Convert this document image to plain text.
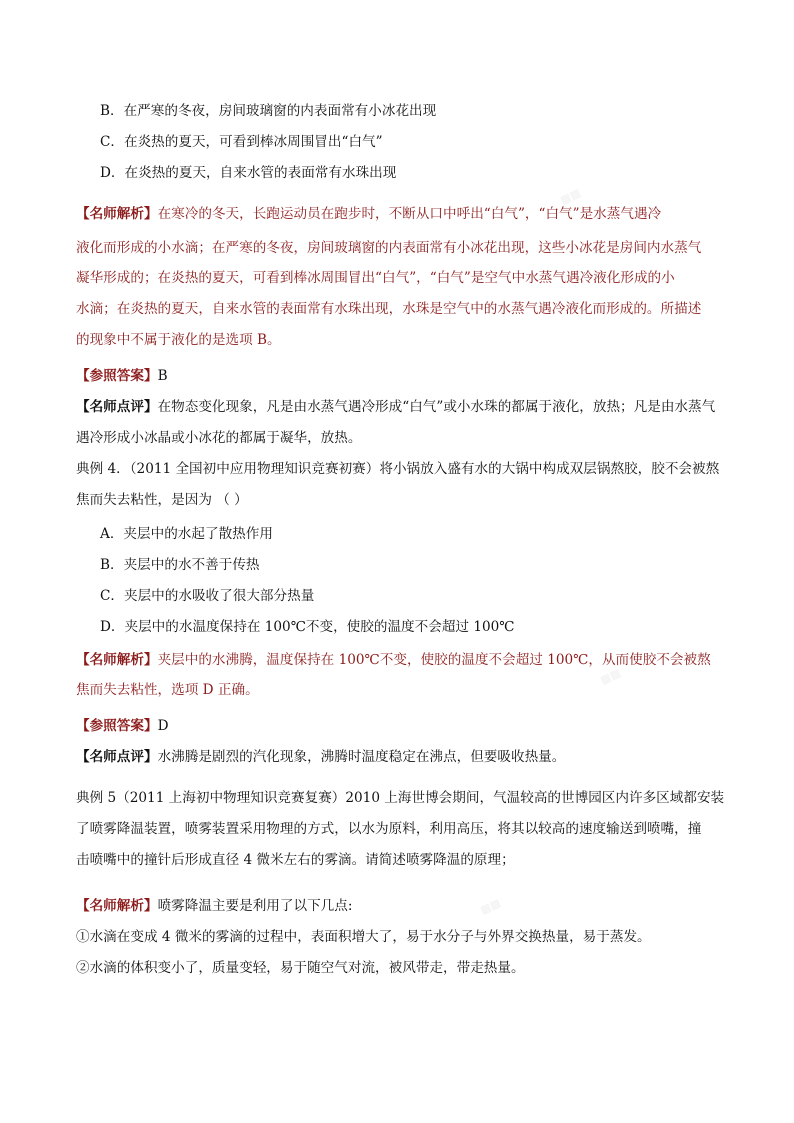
B．在严寒的冬夜，房间玻璃窗的内表面常有小冰花出现
C．在炎热的夏天，可看到棒冰周围冒出“白气”
D．在炎热的夏天，自来水管的表面常有水珠出现
【名师解析】在寒冷的冬天，长跑运动员在跑步时，不断从口中呼出“白气”，“白气”是水蒸气遇冷
液化而形成的小水滴；在严寒的冬夜，房间玻璃窗的内表面常有小冰花出现，这些小冰花是房间内水蒸气
凝华形成的；在炎热的夏天，可看到棒冰周围冒出“白气”，“白气”是空气中水蒸气遇冷液化形成的小
水滴；在炎热的夏天，自来水管的表面常有水珠出现，水珠是空气中的水蒸气遇冷液化而形成的。所描述
的现象中不属于液化的是选项 B。
【参照答案】B
【名师点评】在物态变化现象，凡是由水蒸气遇冷形成“白气”或小水珠的都属于液化，放热；凡是由水蒸气
遇冷形成小冰晶或小冰花的都属于凝华，放热。
典例 4．（2011 全国初中应用物理知识竞赛初赛）将小锅放入盛有水的大锅中构成双层锅熬胶，胶不会被熬
焦而失去粘性，是因为 （ ）
A．夹层中的水起了散热作用
B．夹层中的水不善于传热
C．夹层中的水吸收了很大部分热量
D．夹层中的水温度保持在 100℃不变，使胶的温度不会超过 100℃
【名师解析】夹层中的水沸腾，温度保持在 100℃不变，使胶的温度不会超过 100℃，从而使胶不会被熬
焦而失去粘性，选项 D 正确。
【参照答案】D
【名师点评】水沸腾是剧烈的汽化现象，沸腾时温度稳定在沸点，但要吸收热量。
典例 5（2011 上海初中物理知识竞赛复赛）2010 上海世博会期间，气温较高的世博园区内许多区域都安装
了喷雾降温装置，喷雾装置采用物理的方式，以水为原料，利用高压，将其以较高的速度输送到喷嘴，撞
击喷嘴中的撞针后形成直径 4 微米左右的雾滴。请简述喷雾降温的原理；
【名师解析】喷雾降温主要是利用了以下几点:
①水滴在变成 4 微米的雾滴的过程中，表面积增大了，易于水分子与外界交换热量，易于蒸发。
②水滴的体积变小了，质量变轻，易于随空气对流，被风带走，带走热量。
▩▩
▩▩
▩▩
